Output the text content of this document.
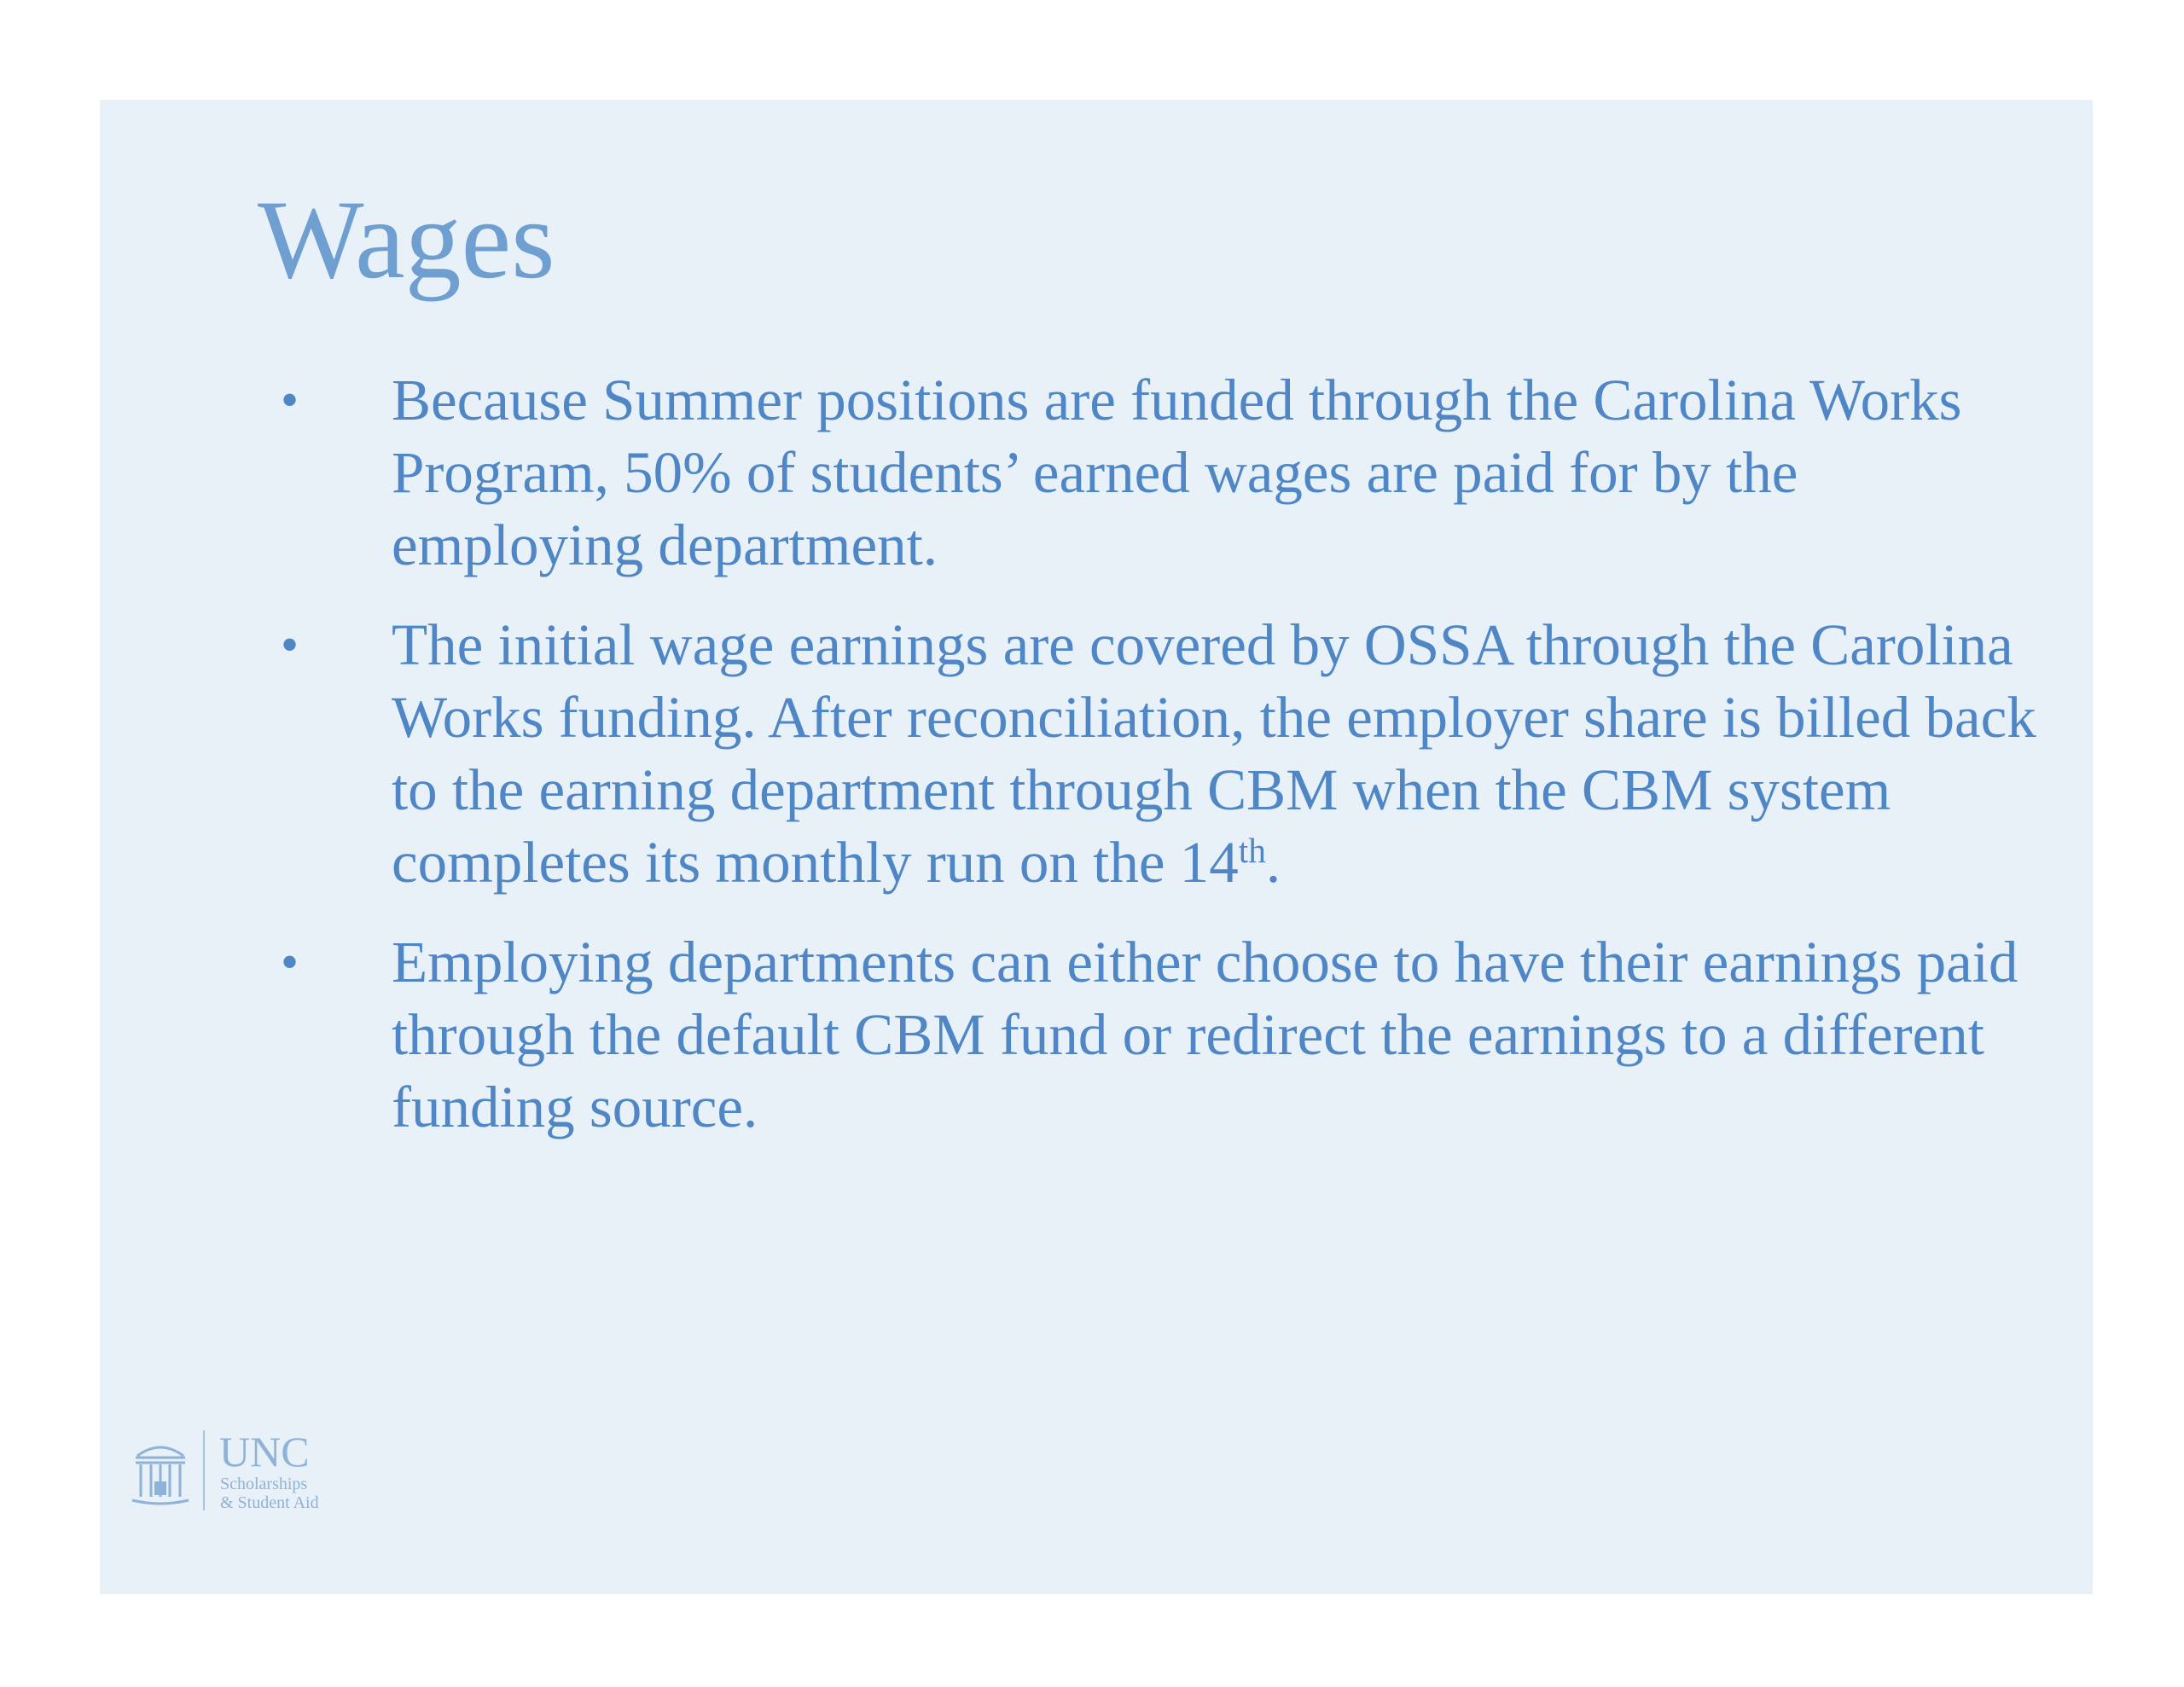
Wages
• Because Summer positions are funded through the Carolina Works Program, 50% of students’ earned wages are paid for by the employing department.
• The initial wage earnings are covered by OSSA through the Carolina Works funding. After reconciliation, the employer share is billed back to the earning department through CBM when the CBM system completes its monthly run on the 14th.
• Employing departments can either choose to have their earnings paid through the default CBM fund or redirect the earnings to a different funding source.
UNC
Scholarships
& Student Aid
